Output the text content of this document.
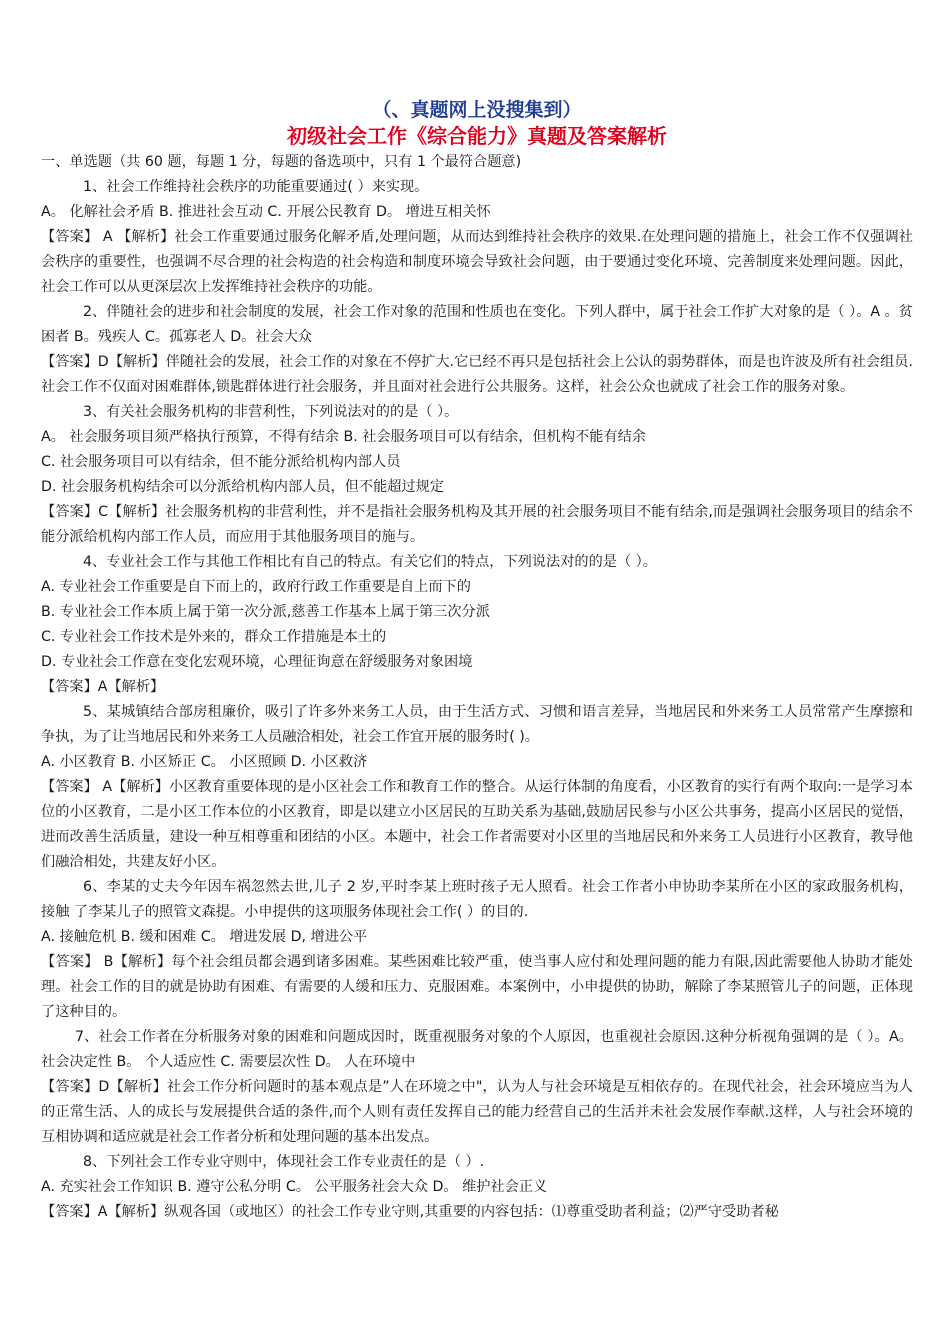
（、真题网上没搜集到）

初级社会工作《综合能力》真题及答案解析

一、单选题（共 60 题，每题 1 分，每题的备选项中，只有 1 个最符合题意)

1、社会工作维持社会秩序的功能重要通过( ）来实现。

A。 化解社会矛盾 B. 推进社会互动 C. 开展公民教育 D。 增进互相关怀

【答案】 A 【解析】社会工作重要通过服务化解矛盾,处理问题，从而达到维持社会秩序的效果.在处理问题的措施上，社会工作不仅强调社会秩序的重要性，也强调不尽合理的社会构造的社会构造和制度环境会导致社会问题，由于要通过变化环境、完善制度来处理问题。因此，社会工作可以从更深层次上发挥维持社会秩序的功能。

2、伴随社会的进步和社会制度的发展，社会工作对象的范围和性质也在变化。下列人群中，属于社会工作扩大对象的是（ ）。A 。贫困者 B。残疾人 C。孤寡老人 D。社会大众

【答案】D【解析】伴随社会的发展，社会工作的对象在不停扩大.它已经不再只是包括社会上公认的弱势群体，而是也许波及所有社会组员.社会工作不仅面对困难群体,锁匙群体进行社会服务，并且面对社会进行公共服务。这样，社会公众也就成了社会工作的服务对象。

3、有关社会服务机构的非营利性，下列说法对的的是（ ）。

A。 社会服务项目须严格执行预算，不得有结余 B. 社会服务项目可以有结余，但机构不能有结余

C. 社会服务项目可以有结余，但不能分派给机构内部人员

D. 社会服务机构结余可以分派给机构内部人员，但不能超过规定

【答案】C【解析】社会服务机构的非营利性，并不是指社会服务机构及其开展的社会服务项目不能有结余,而是强调社会服务项目的结余不能分派给机构内部工作人员，而应用于其他服务项目的施与。

4、专业社会工作与其他工作相比有自己的特点。有关它们的特点，下列说法对的的是（ ）。

A. 专业社会工作重要是自下而上的，政府行政工作重要是自上而下的

B. 专业社会工作本质上属于第一次分派,慈善工作基本上属于第三次分派

C. 专业社会工作技术是外来的，群众工作措施是本土的

D. 专业社会工作意在变化宏观环境，心理征询意在舒缓服务对象困境

【答案】A【解析】

5、某城镇结合部房租廉价，吸引了许多外来务工人员，由于生活方式、习惯和语言差异，当地居民和外来务工人员常常产生摩擦和争执，为了让当地居民和外来务工人员融洽相处，社会工作宜开展的服务时( )。

A. 小区教育 B. 小区矫正 C。 小区照顾 D. 小区救济

【答案】 A【解析】小区教育重要体现的是小区社会工作和教育工作的整合。从运行体制的角度看，小区教育的实行有两个取向:一是学习本位的小区教育，二是小区工作本位的小区教育，即是以建立小区居民的互助关系为基础,鼓励居民参与小区公共事务，提高小区居民的觉悟，进而改善生活质量，建设一种互相尊重和团结的小区。本题中，社会工作者需要对小区里的当地居民和外来务工人员进行小区教育，教导他们融洽相处，共建友好小区。

6、李某的丈夫今年因车祸忽然去世,儿子 2 岁,平时李某上班时孩子无人照看。社会工作者小申协助李某所在小区的家政服务机构，接触 了李某儿子的照管文森提。小申提供的这项服务体现社会工作( ）的目的.

A. 接触危机 B. 缓和困难 C。 增进发展 D, 增进公平

【答案】 B【解析】每个社会组员都会遇到诸多困难。某些困难比较严重，使当事人应付和处理问题的能力有限,因此需要他人协助才能处理。社会工作的目的就是协助有困难、有需要的人缓和压力、克服困难。本案例中，小申提供的协助，解除了李某照管儿子的问题，正体现了这种目的。

7、社会工作者在分析服务对象的困难和问题成因时，既重视服务对象的个人原因，也重视社会原因.这种分析视角强调的是（ ）。A。 社会决定性 B。 个人适应性 C. 需要层次性 D。 人在环境中

【答案】D【解析】社会工作分析问题时的基本观点是”人在环境之中"，认为人与社会环境是互相依存的。在现代社会，社会环境应当为人的正常生活、人的成长与发展提供合适的条件,而个人则有责任发挥自己的能力经营自己的生活并未社会发展作奉献.这样，人与社会环境的互相协调和适应就是社会工作者分析和处理问题的基本出发点。

8、下列社会工作专业守则中，体现社会工作专业责任的是（ ）.

A. 充实社会工作知识 B. 遵守公私分明 C。 公平服务社会大众 D。 维护社会正义

【答案】A【解析】纵观各国（或地区）的社会工作专业守则,其重要的内容包括：⑴尊重受助者利益；⑵严守受助者秘
